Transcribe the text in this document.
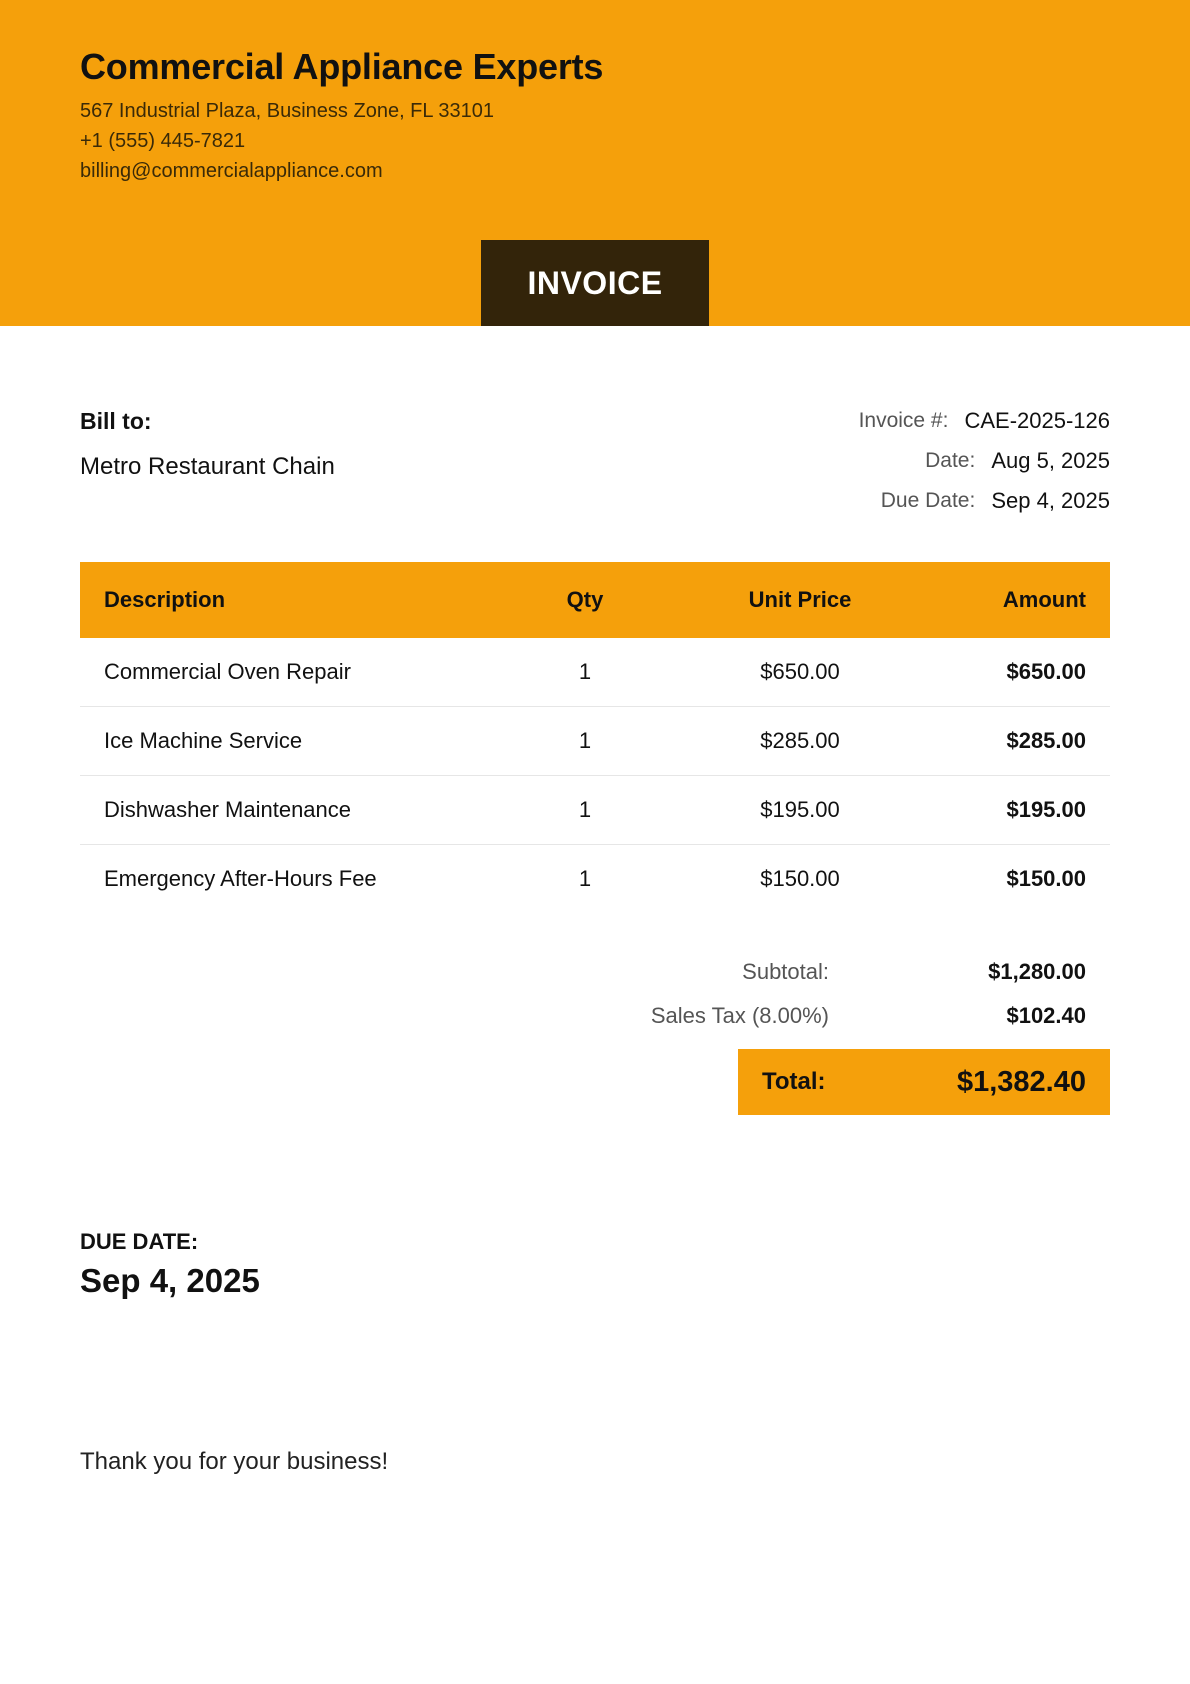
Commercial Appliance Experts
567 Industrial Plaza, Business Zone, FL 33101
+1 (555) 445-7821
billing@commercialappliance.com
INVOICE
Bill to:
Metro Restaurant Chain
Invoice #: CAE-2025-126
Date: Aug 5, 2025
Due Date: Sep 4, 2025
Description	Qty	Unit Price	Amount
Commercial Oven Repair	1	$650.00	$650.00
Ice Machine Service	1	$285.00	$285.00
Dishwasher Maintenance	1	$195.00	$195.00
Emergency After-Hours Fee	1	$150.00	$150.00
Subtotal:	$1,280.00
Sales Tax (8.00%)	$102.40
Total:	$1,382.40
DUE DATE:
Sep 4, 2025
Thank you for your business!
